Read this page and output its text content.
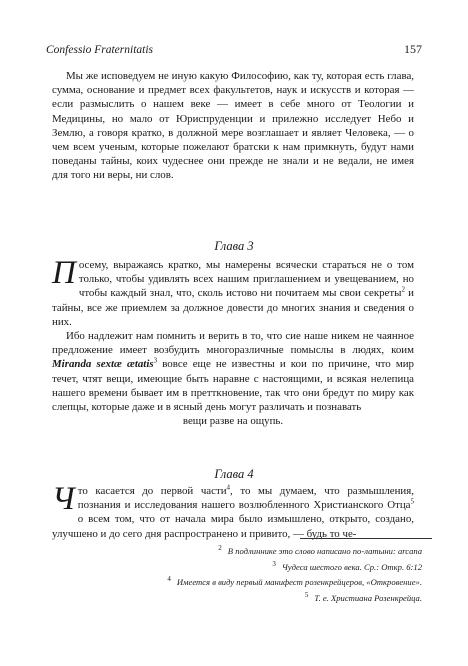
Confessio Fraternitatis	157

Мы же исповедуем не иную какую Философию, как ту, которая есть глава, сумма, основание и предмет всех факультетов, наук и искусств и которая — если размыслить о нашем веке — имеет в себе много от Теологии и Медицины, но мало от Юриспруденции и прилежно исследует Небо и Землю, а говоря кратко, в должной мере возглашает и являет Человека, — о чем всем ученым, которые пожелают братски к нам примкнуть, будут нами поведаны тайны, коих чудеснее они прежде не знали и не ведали, не имея для того ни веры, ни слов.

Глава 3

Посему, выражаясь кратко, мы намерены всячески стараться не о том только, чтобы удивлять всех нашим приглашением и увещеванием, но чтобы каждый знал, что, сколь истово ни почитаем мы свои секреты$^2$ и тайны, все же приемлем за должное довести до многих знания и сведения о них.

Ибо надлежит нам помнить и верить в то, что сие наше никем не чаянное предложение имеет возбудить многоразличные помыслы в людях, коим Miranda sextæ ætatis$^3$ вовсе еще не известны и кои по причине, что мир течет, чтят вещи, имеющие быть наравне с настоящими, и всякая нелепица нашего времени бывает им в претткновение, так что они бредут по миру как слепцы, которые даже и в ясный день могут различать и познавать
вещи разве на ощупь.

Глава 4

Что касается до первой части$^4$, то мы думаем, что размышления, познания и исследования нашего возлюбленного Христианского Отца$^5$ о всем том, что от начала мира было измышлено, открыто, создано, улучшено и до сего дня распространено и привито, — будь то че-

$^2$ В подлиннике это слово написано по-латыни: arcana
$^3$ Чудеса шестого века. Ср.: Откр. 6:12
$^4$ Имеется в виду первый манифест розенкрейцеров, «Откровение».
$^5$ Т. е. Христиана Розенкрейца.
